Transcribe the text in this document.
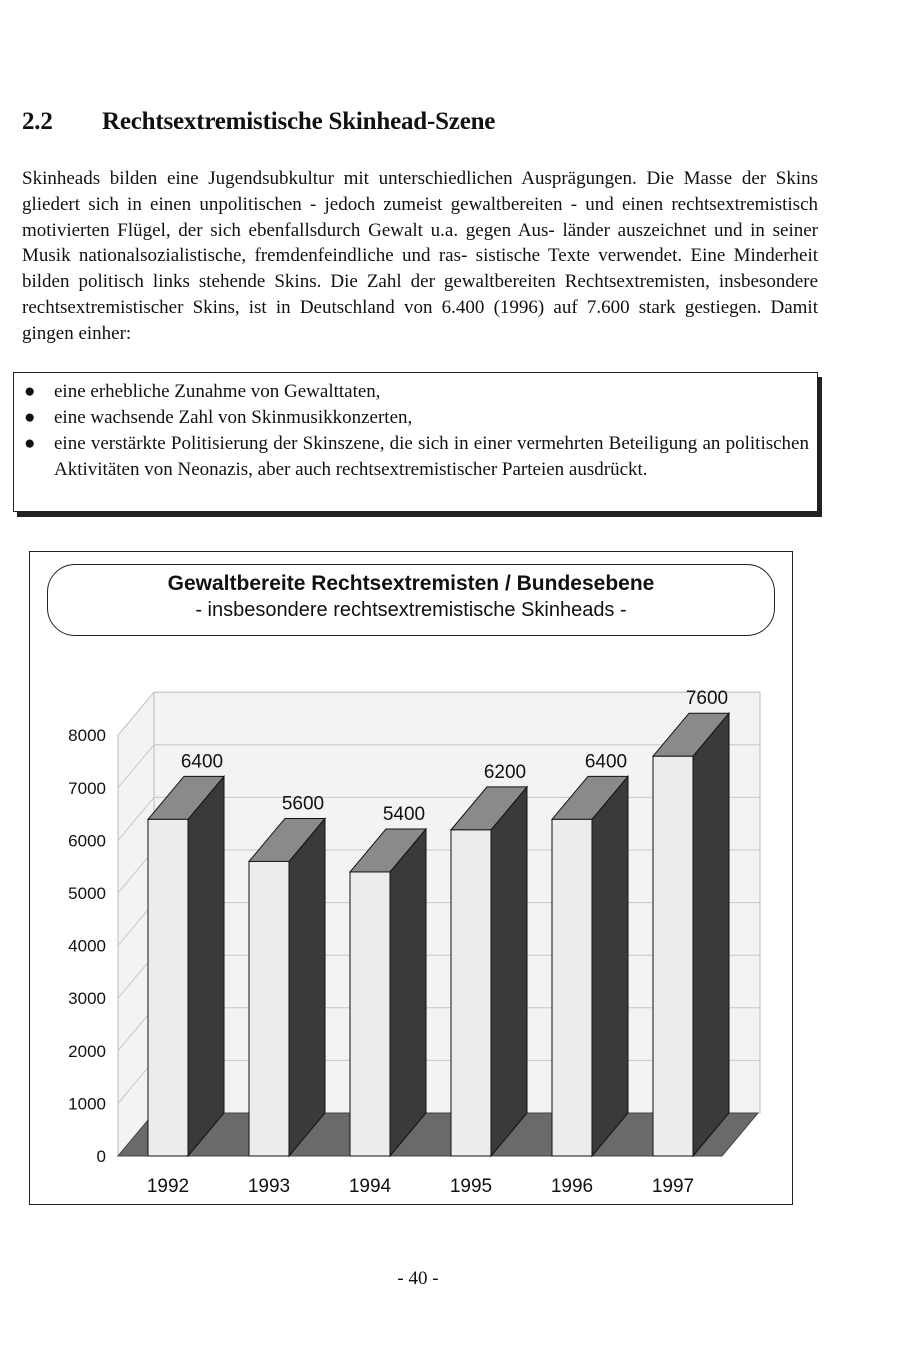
2.2 Rechtsextremistische Skinhead-Szene

Skinheads bilden eine Jugendsubkultur mit unterschiedlichen Ausprägungen. Die Masse der Skins gliedert sich in einen unpolitischen - jedoch zumeist gewaltbereiten - und einen rechtsextremistisch motivierten Flügel, der sich ebenfallsdurch Gewalt u.a. gegen Aus- länder auszeichnet und in seiner Musik nationalsozialistische, fremdenfeindliche und ras- sistische Texte verwendet. Eine Minderheit bilden politisch links stehende Skins. Die Zahl der gewaltbereiten Rechtsextremisten, insbesondere rechtsextremistischer Skins, ist in Deutschland von 6.400 (1996) auf 7.600 stark gestiegen. Damit gingen einher:

● eine erhebliche Zunahme von Gewalttaten,
● eine wachsende Zahl von Skinmusikkonzerten,
● eine verstärkte Politisierung der Skinszene, die sich in einer vermehrten Beteiligung an politischen Aktivitäten von Neonazis, aber auch rechtsextremistischer Parteien ausdrückt.
Gewaltbereite Rechtsextremisten / Bundesebene
- insbesondere rechtsextremistische Skinheads -
0
1000
2000
3000
4000
5000
6000
7000
8000
6400
1992
5600
1993
5400
1994
6200
1995
6400
1996
7600
1997
- 40 -
